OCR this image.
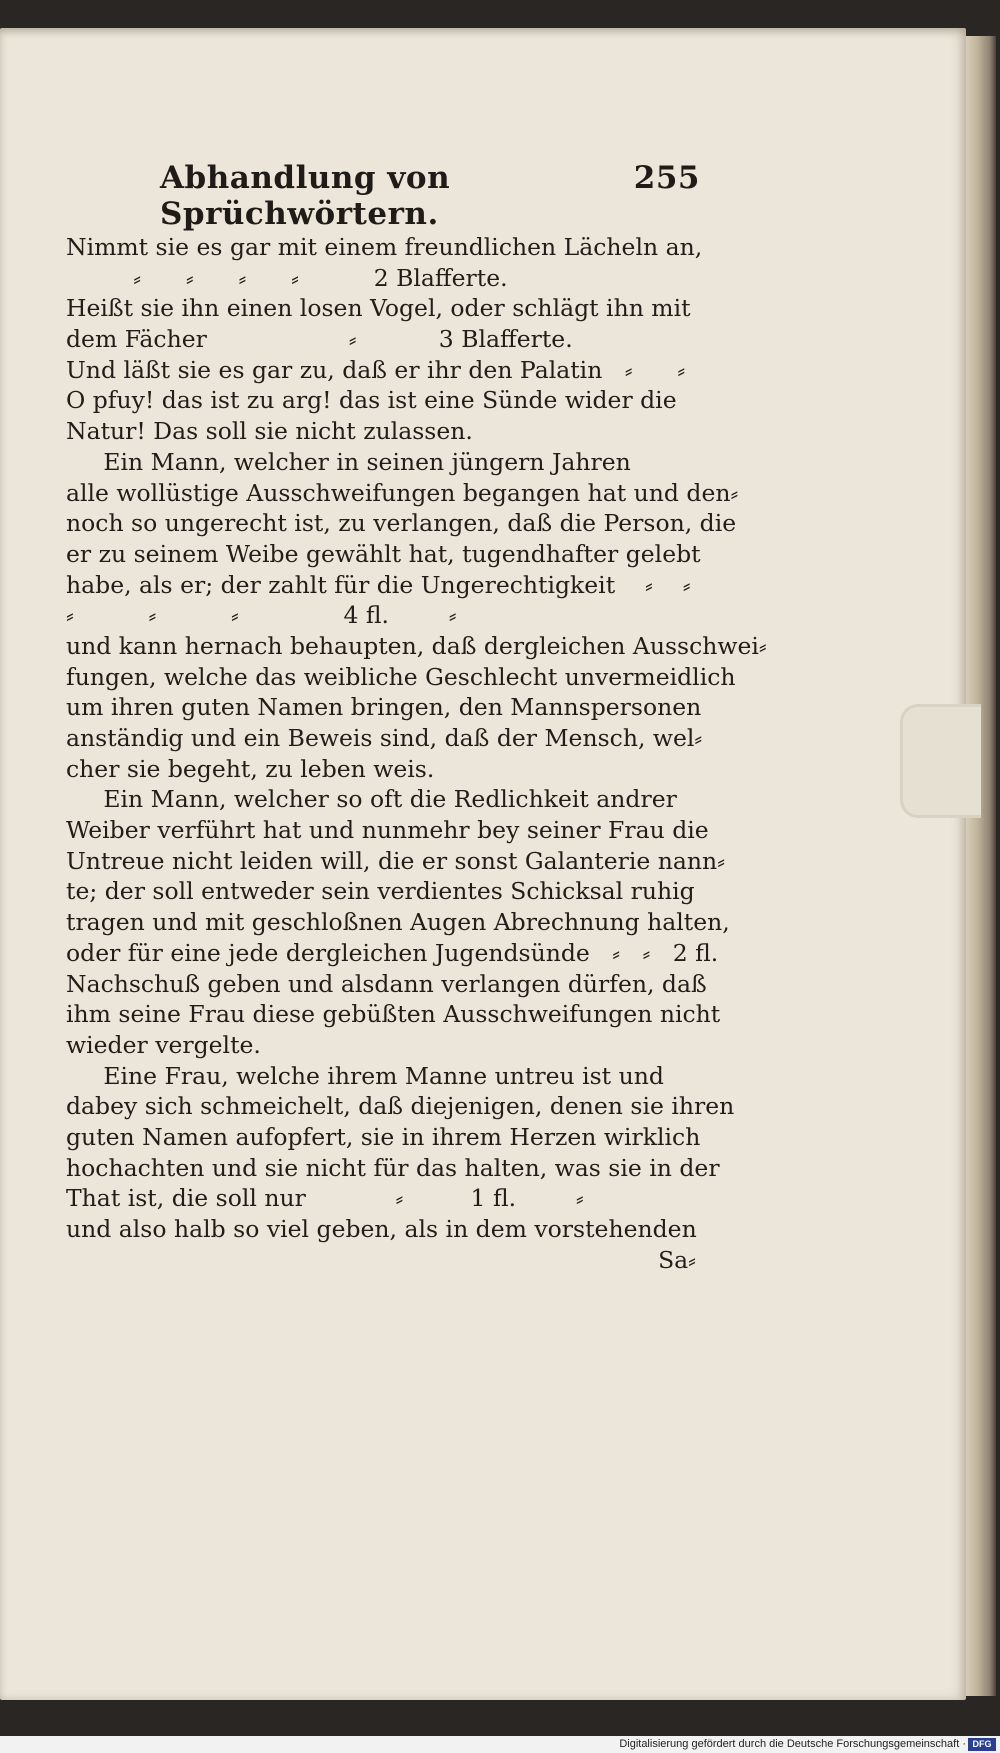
Abhandlung von Sprüchwörtern.
255
Nimmt sie es gar mit einem freundlichen Lächeln an,
⸗      ⸗      ⸗      ⸗          2 Blafferte.
Heißt sie ihn einen losen Vogel, oder schlägt ihn mit
dem Fächer                   ⸗           3 Blafferte.
Und läßt sie es gar zu, daß er ihr den Palatin   ⸗      ⸗
O pfuy! das ist zu arg! das ist eine Sünde wider die
Natur! Das soll sie nicht zulassen.
Ein Mann, welcher in seinen jüngern Jahren
alle wollüstige Ausschweifungen begangen hat und den⸗
noch so ungerecht ist, zu verlangen, daß die Person, die
er zu seinem Weibe gewählt hat, tugendhafter gelebt
habe, als er; der zahlt für die Ungerechtigkeit    ⸗    ⸗
⸗          ⸗          ⸗              4 fl.        ⸗
und kann hernach behaupten, daß dergleichen Ausschwei⸗
fungen, welche das weibliche Geschlecht unvermeidlich
um ihren guten Namen bringen, den Mannspersonen
anständig und ein Beweis sind, daß der Mensch, wel⸗
cher sie begeht, zu leben weis.
Ein Mann, welcher so oft die Redlichkeit andrer
Weiber verführt hat und nunmehr bey seiner Frau die
Untreue nicht leiden will, die er sonst Galanterie nann⸗
te; der soll entweder sein verdientes Schicksal ruhig
tragen und mit geschloßnen Augen Abrechnung halten,
oder für eine jede dergleichen Jugendsünde   ⸗   ⸗   2 fl.
Nachschuß geben und alsdann verlangen dürfen, daß
ihm seine Frau diese gebüßten Ausschweifungen nicht
wieder vergelte.
Eine Frau, welche ihrem Manne untreu ist und
dabey sich schmeichelt, daß diejenigen, denen sie ihren
guten Namen aufopfert, sie in ihrem Herzen wirklich
hochachten und sie nicht für das halten, was sie in der
That ist, die soll nur            ⸗         1 fl.        ⸗
und also halb so viel geben, als in dem vorstehenden
Sa⸗
Digitalisierung gefördert durch die Deutsche Forschungsgemeinschaft · DFG
